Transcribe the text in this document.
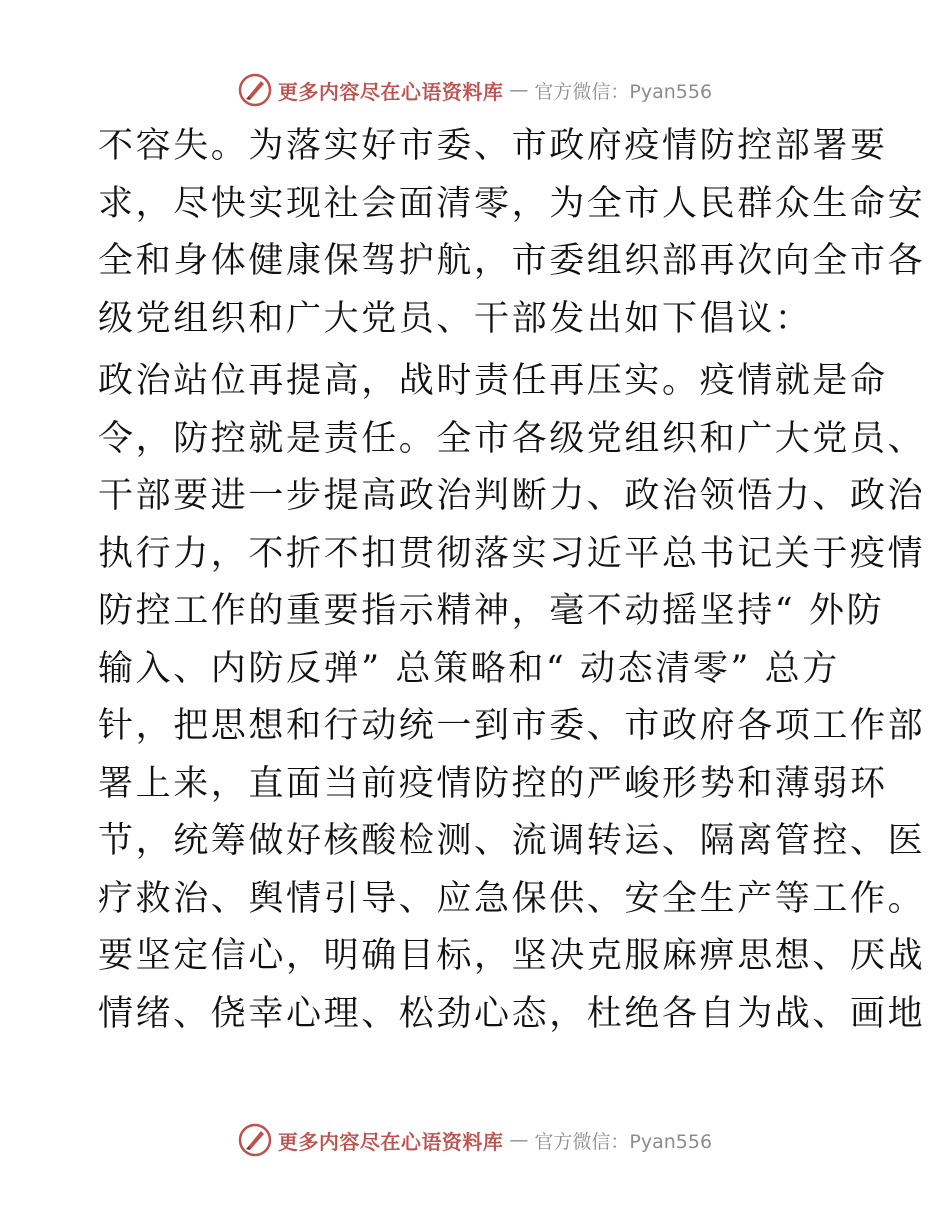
更多内容尽在心语资料库 — 官方微信：Pyan556
不容失。为落实好市委、市政府疫情防控部署要
求，尽快实现社会面清零，为全市人民群众生命安
全和身体健康保驾护航，市委组织部再次向全市各
级党组织和广大党员、干部发出如下倡议：
政治站位再提高，战时责任再压实。疫情就是命
令，防控就是责任。全市各级党组织和广大党员、
干部要进一步提高政治判断力、政治领悟力、政治
执行力，不折不扣贯彻落实习近平总书记关于疫情
防控工作的重要指示精神，毫不动摇坚持“ 外防
输入、内防反弹” 总策略和“ 动态清零” 总方
针，把思想和行动统一到市委、市政府各项工作部
署上来，直面当前疫情防控的严峻形势和薄弱环
节，统筹做好核酸检测、流调转运、隔离管控、医
疗救治、舆情引导、应急保供、安全生产等工作。
要坚定信心，明确目标，坚决克服麻痹思想、厌战
情绪、侥幸心理、松劲心态，杜绝各自为战、画地
更多内容尽在心语资料库 — 官方微信：Pyan556
